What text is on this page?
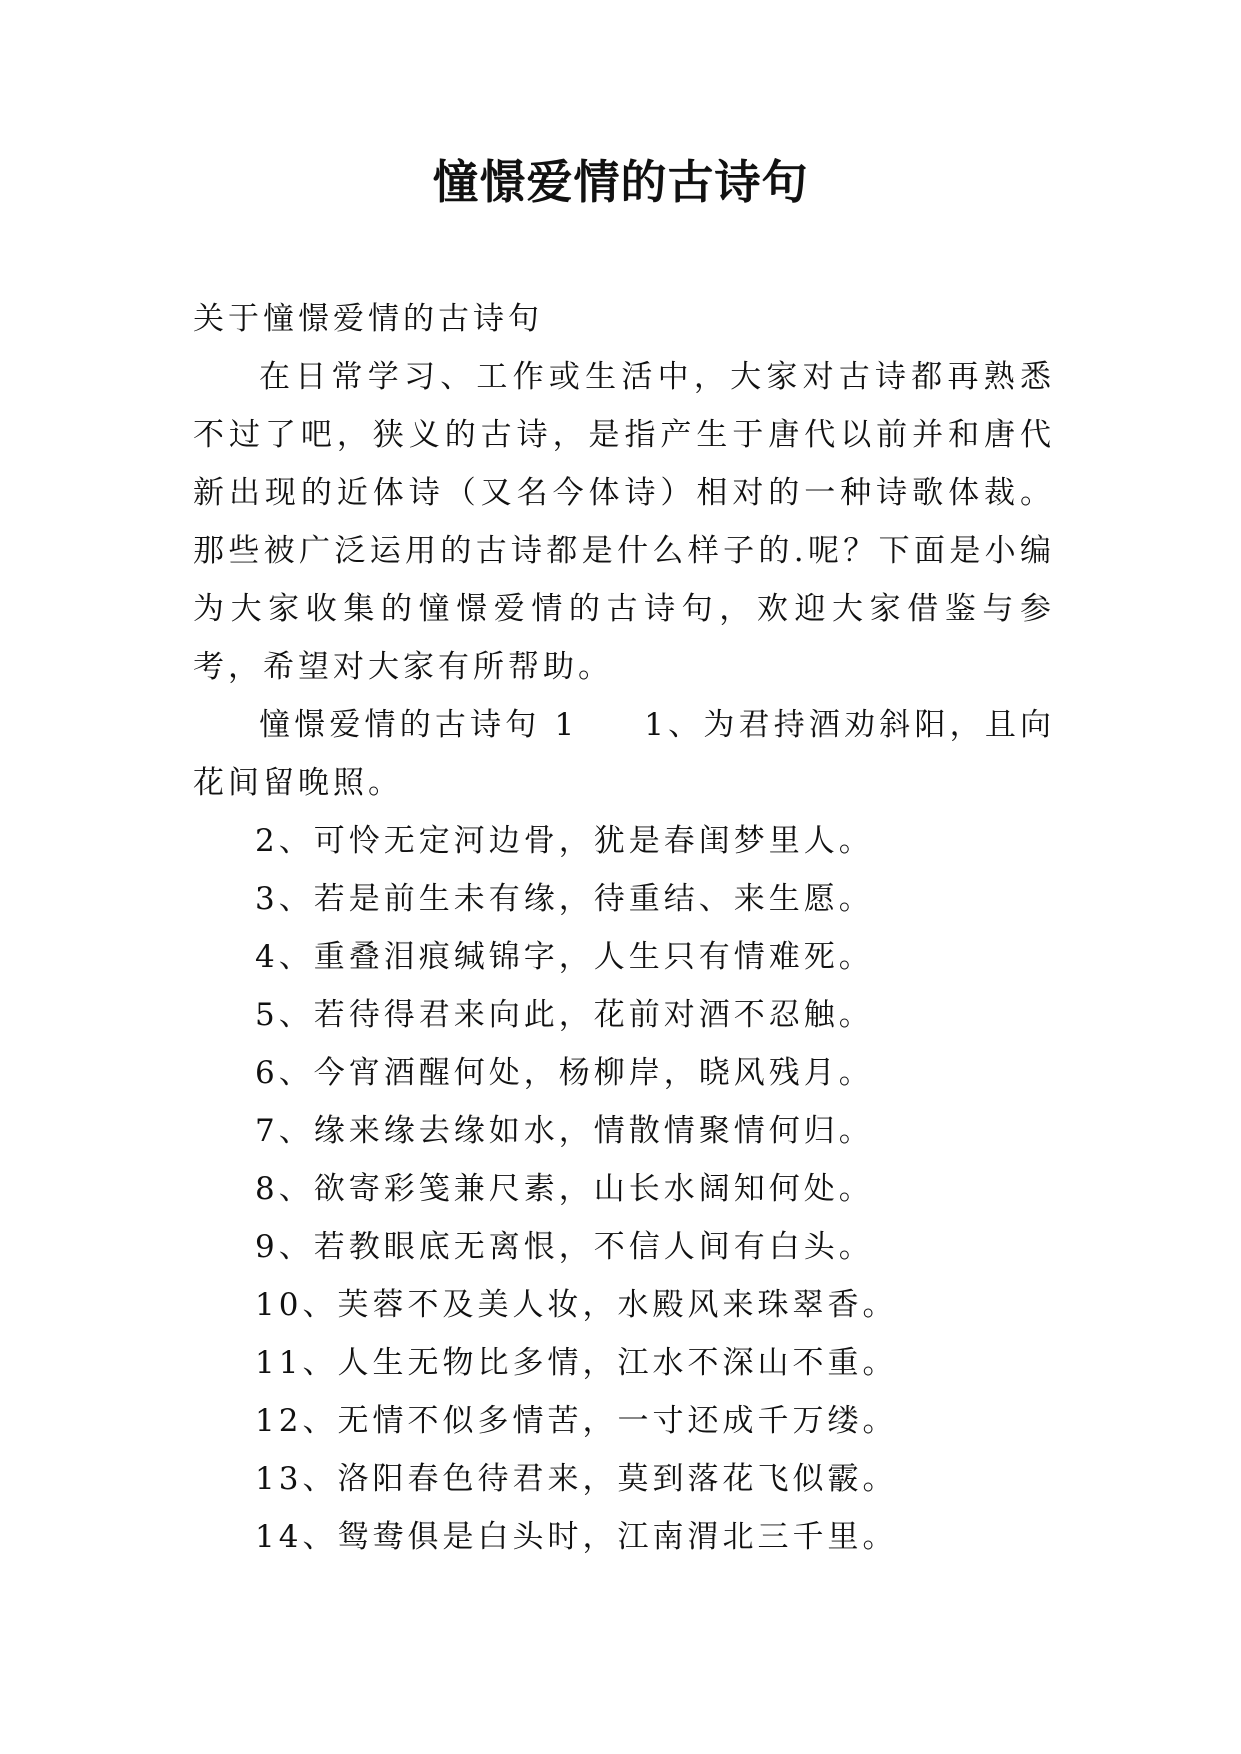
憧憬爱情的古诗句

关于憧憬爱情的古诗句

在日常学习、工作或生活中，大家对古诗都再熟悉不过了吧，狭义的古诗，是指产生于唐代以前并和唐代新出现的近体诗（又名今体诗）相对的一种诗歌体裁。那些被广泛运用的古诗都是什么样子的.呢？下面是小编为大家收集的憧憬爱情的古诗句，欢迎大家借鉴与参考，希望对大家有所帮助。

憧憬爱情的古诗句 1 1、为君持酒劝斜阳，且向花间留晚照。

2、可怜无定河边骨，犹是春闺梦里人。
3、若是前生未有缘，待重结、来生愿。
4、重叠泪痕缄锦字，人生只有情难死。
5、若待得君来向此，花前对酒不忍触。
6、今宵酒醒何处，杨柳岸，晓风残月。
7、缘来缘去缘如水，情散情聚情何归。
8、欲寄彩笺兼尺素，山长水阔知何处。
9、若教眼底无离恨，不信人间有白头。
10、芙蓉不及美人妆，水殿风来珠翠香。
11、人生无物比多情，江水不深山不重。
12、无情不似多情苦，一寸还成千万缕。
13、洛阳春色待君来，莫到落花飞似霰。
14、鸳鸯俱是白头时，江南渭北三千里。
